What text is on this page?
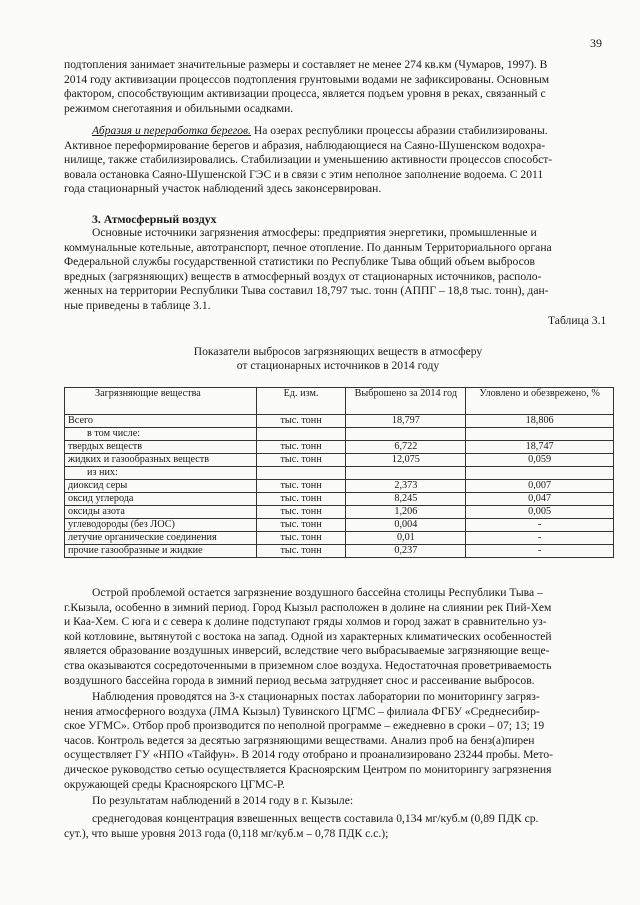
39

подтопления занимает значительные размеры и составляет не менее 274 кв.км (Чумаров, 1997). В

2014 году активизации процессов подтопления грунтовыми водами не зафиксированы. Основным

фактором, способствующим активизации процесса, является подъем уровня в реках, связанный с

режимом снеготаяния и обильными осадками.

Абразия и переработка берегов. На озерах республики процессы абразии стабилизированы.

Активное переформирование берегов и абразия, наблюдающиеся на Саяно-Шушенском водохра-

нилище, также стабилизировались. Стабилизации и уменьшению активности процессов способст-

вовала остановка Саяно-Шушенской ГЭС и в связи с этим неполное заполнение водоема. С 2011

года стационарный участок наблюдений здесь законсервирован.

3. Атмосферный воздух

Основные источники загрязнения атмосферы: предприятия энергетики, промышленные и

коммунальные котельные, автотранспорт, печное отопление. По данным Территориального органа

Федеральной службы государственной статистики по Республике Тыва общий объем выбросов

вредных (загрязняющих) веществ в атмосферный воздух от стационарных источников, располо-

женных на территории Республики Тыва составил 18,797 тыс. тонн (АППГ – 18,8 тыс. тонн), дан-

ные приведены в таблице 3.1.

Таблица 3.1
Показатели выбросов загрязняющих веществ в атмосферу
от стационарных источников в 2014 году
Загрязняющие вещества	Ед. изм.	Выброшено за 2014 год	Уловлено и обезврежено, %
Всего	тыс. тонн	18,797	18,806
в том числе:			
твердых веществ	тыс. тонн	6,722	18,747
жидких и газообразных веществ	тыс. тонн	12,075	0,059
из них:			
диоксид серы	тыс. тонн	2,373	0,007
оксид углерода	тыс. тонн	8,245	0,047
оксиды азота	тыс. тонн	1,206	0,005
углеводороды (без ЛОС)	тыс. тонн	0,004	-
летучие органические соединения	тыс. тонн	0,01	-
прочие газообразные и жидкие	тыс. тонн	0,237	-

Острой проблемой остается загрязнение воздушного бассейна столицы Республики Тыва –

г.Кызыла, особенно в зимний период. Город Кызыл расположен в долине на слиянии рек Пий-Хем

и Каа-Хем. С юга и с севера к долине подступают гряды холмов и город зажат в сравнительно уз-

кой котловине, вытянутой с востока на запад. Одной из характерных климатических особенностей

является образование воздушных инверсий, вследствие чего выбрасываемые загрязняющие веще-

ства оказываются сосредоточенными в приземном слое воздуха. Недостаточная проветриваемость

воздушного бассейна города в зимний период весьма затрудняет снос и рассеивание выбросов.

Наблюдения проводятся на 3-х стационарных постах лаборатории по мониторингу загряз-

нения атмосферного воздуха (ЛМА Кызыл) Тувинского ЦГМС – филиала ФГБУ «Среднесибир-

ское УГМС». Отбор проб производится по неполной программе – ежедневно в сроки – 07; 13; 19

часов. Контроль ведется за десятью загрязняющими веществами. Анализ проб на бенз(а)пирен

осуществляет ГУ «НПО «Тайфун». В 2014 году отобрано и проанализировано 23244 пробы. Мето-

дическое руководство сетью осуществляется Красноярским Центром по мониторингу загрязнения

окружающей среды Красноярского ЦГМС-Р.

По результатам наблюдений в 2014 году в г. Кызыле:

среднегодовая концентрация взвешенных веществ составила 0,134 мг/куб.м (0,89 ПДК ср.

сут.), что выше уровня 2013 года (0,118 мг/куб.м – 0,78 ПДК с.с.);
